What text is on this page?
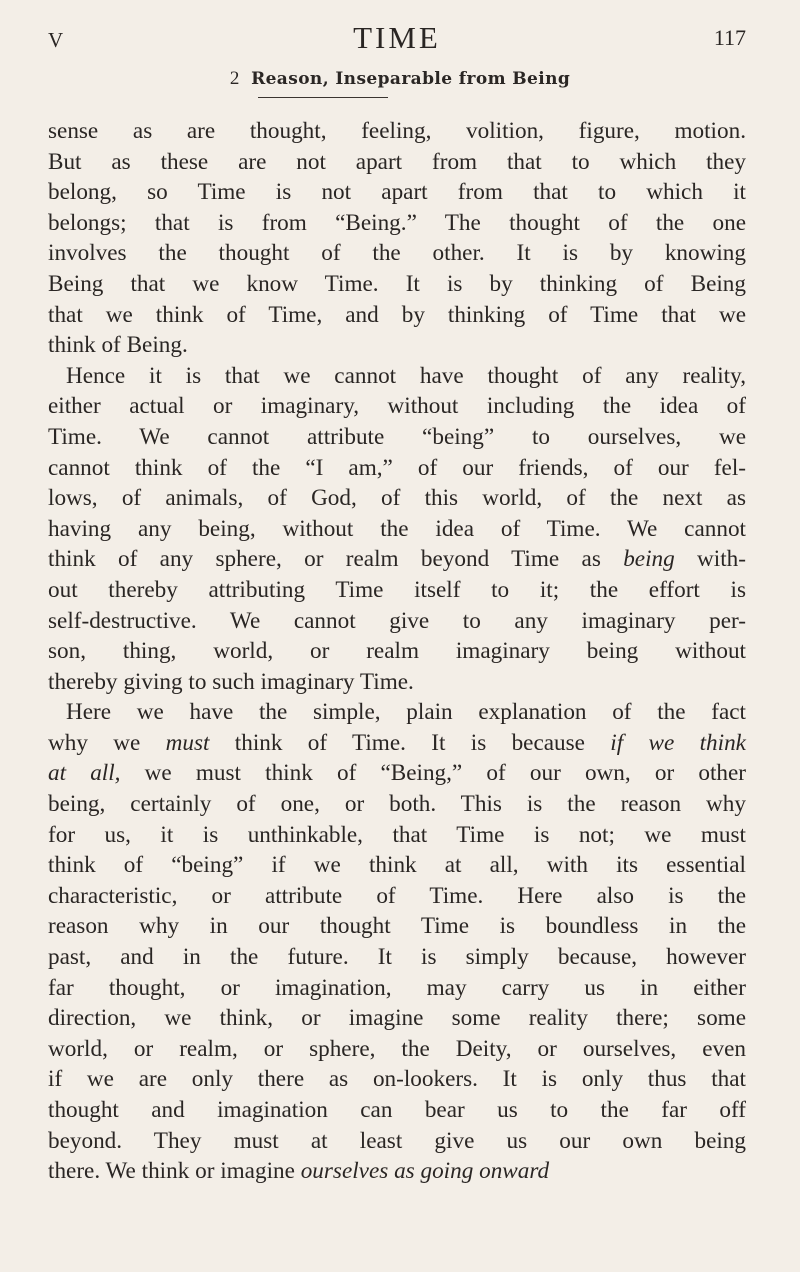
V	TIME	117
2 Reason, Inseparable from Being
sense as are thought, feeling, volition, figure, motion.
But as these are not apart from that to which they
belong, so Time is not apart from that to which it
belongs; that is from “Being.” The thought of the one
involves the thought of the other. It is by knowing
Being that we know Time. It is by thinking of Being
that we think of Time, and by thinking of Time that we
think of Being.
Hence it is that we cannot have thought of any reality,
either actual or imaginary, without including the idea of
Time. We cannot attribute “being” to ourselves, we
cannot think of the “I am,” of our friends, of our fel-
lows, of animals, of God, of this world, of the next as
having any being, without the idea of Time. We cannot
think of any sphere, or realm beyond Time as being with-
out thereby attributing Time itself to it; the effort is
self-destructive. We cannot give to any imaginary per-
son, thing, world, or realm imaginary being without
thereby giving to such imaginary Time.
Here we have the simple, plain explanation of the fact
why we must think of Time. It is because if we think
at all, we must think of “Being,” of our own, or other
being, certainly of one, or both. This is the reason why
for us, it is unthinkable, that Time is not; we must
think of “being” if we think at all, with its essential
characteristic, or attribute of Time. Here also is the
reason why in our thought Time is boundless in the
past, and in the future. It is simply because, however
far thought, or imagination, may carry us in either
direction, we think, or imagine some reality there; some
world, or realm, or sphere, the Deity, or ourselves, even
if we are only there as on-lookers. It is only thus that
thought and imagination can bear us to the far off
beyond. They must at least give us our own being
there. We think or imagine ourselves as going onward
